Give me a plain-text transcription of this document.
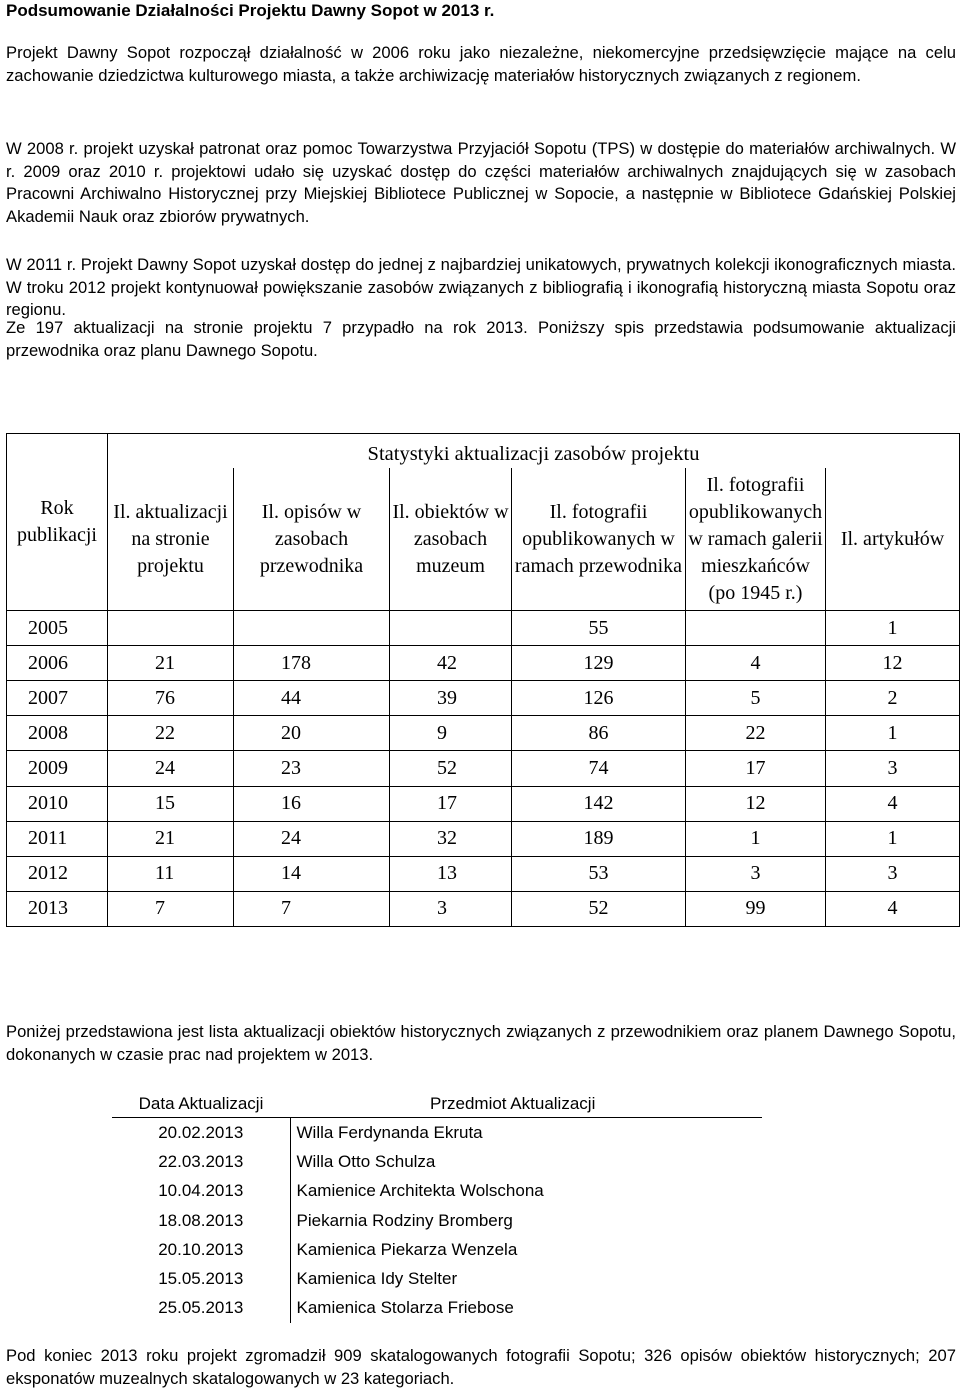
Podsumowanie Działalności Projektu Dawny Sopot w 2013 r.

Projekt Dawny Sopot rozpoczął działalność w 2006 roku jako niezależne, niekomercyjne przedsięwzięcie mające na celu zachowanie dziedzictwa kulturowego miasta, a także archiwizację materiałów historycznych związanych z regionem.

W 2008 r. projekt uzyskał patronat oraz pomoc Towarzystwa Przyjaciół Sopotu (TPS) w dostępie do materiałów archiwalnych. W r. 2009 oraz 2010 r. projektowi udało się uzyskać dostęp do części materiałów archiwalnych znajdujących się w zasobach Pracowni Archiwalno Historycznej przy Miejskiej Bibliotece Publicznej w Sopocie, a następnie w Bibliotece Gdańskiej Polskiej Akademii Nauk oraz zbiorów prywatnych.

W 2011 r. Projekt Dawny Sopot uzyskał dostęp do jednej z najbardziej unikatowych, prywatnych kolekcji ikonograficznych miasta. W troku 2012 projekt kontynuował powiększanie zasobów związanych z bibliografią i ikonografią historyczną miasta Sopotu oraz regionu.

Ze 197 aktualizacji na stronie projektu 7 przypadło na rok 2013. Poniższy spis przedstawia podsumowanie aktualizacji przewodnika oraz planu Dawnego Sopotu.

Rok publikacji	Statystyki aktualizacji zasobów projektu					
	Il. aktualizacji na stronie projektu	Il. opisów w zasobach przewodnika	Il. obiektów w zasobach muzeum	Il. fotografii opublikowanych w ramach przewodnika	Il. fotografii opublikowanych w ramach galerii mieszkańców (po 1945 r.)	Il. artykułów
2005				55		1
2006	21	178	42	129	4	12
2007	76	44	39	126	5	2
2008	22	20	9	86	22	1
2009	24	23	52	74	17	3
2010	15	16	17	142	12	4
2011	21	24	32	189	1	1
2012	11	14	13	53	3	3
2013	7	7	3	52	99	4

Poniżej przedstawiona jest lista aktualizacji obiektów historycznych związanych z przewodnikiem oraz planem Dawnego Sopotu, dokonanych w czasie prac nad projektem w 2013.

Data Aktualizacji	Przedmiot Aktualizacji
20.02.2013	Willa Ferdynanda Ekruta
22.03.2013	Willa Otto Schulza
10.04.2013	Kamienice Architekta Wolschona
18.08.2013	Piekarnia Rodziny Bromberg
20.10.2013	Kamienica Piekarza Wenzela
15.05.2013	Kamienica Idy Stelter
25.05.2013	Kamienica Stolarza Friebose

Pod koniec 2013 roku projekt zgromadził 909 skatalogowanych fotografii Sopotu; 326 opisów obiektów historycznych; 207 eksponatów muzealnych skatalogowanych w 23 kategoriach.
